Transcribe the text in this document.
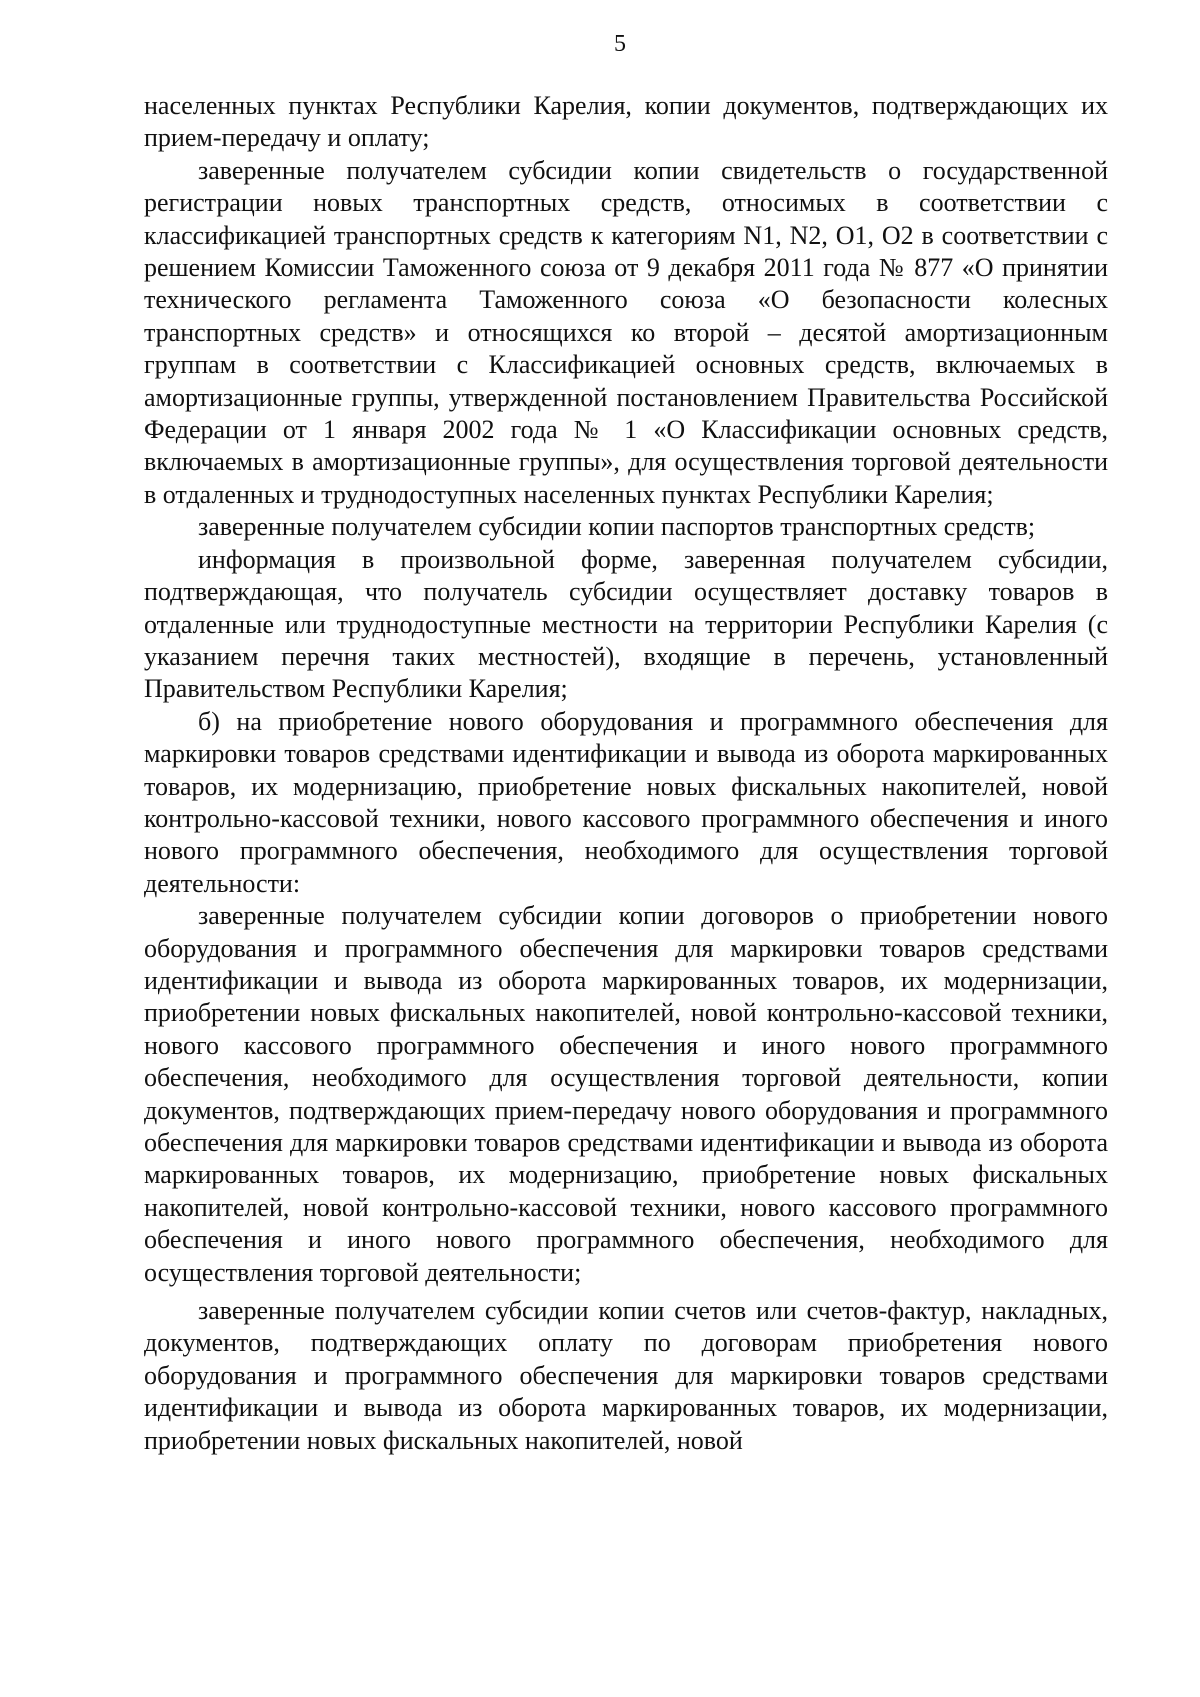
5

населенных пунктах Республики Карелия, копии документов, подтверждающих их прием-передачу и оплату;

заверенные получателем субсидии копии свидетельств о государственной регистрации новых транспортных средств, относимых в соответствии с классификацией транспортных средств к категориям N1, N2, O1, O2 в соответствии с решением Комиссии Таможенного союза от 9 декабря 2011 года № 877 «О принятии технического регламента Таможенного союза «О безопасности колесных транспортных средств» и относящихся ко второй – десятой амортизационным группам в соответствии с Классификацией основных средств, включаемых в амортизационные группы, утвержденной постановлением Правительства Российской Федерации от 1 января 2002 года № 1 «О Классификации основных средств, включаемых в амортизационные группы», для осуществления торговой деятельности в отдаленных и труднодоступных населенных пунктах Республики Карелия;

заверенные получателем субсидии копии паспортов транспортных средств;

информация в произвольной форме, заверенная получателем субсидии, подтверждающая, что получатель субсидии осуществляет доставку товаров в отдаленные или труднодоступные местности на территории Республики Карелия (с указанием перечня таких местностей), входящие в перечень, установленный Правительством Республики Карелия;

б) на приобретение нового оборудования и программного обеспечения для маркировки товаров средствами идентификации и вывода из оборота маркированных товаров, их модернизацию, приобретение новых фискальных накопителей, новой контрольно-кассовой техники, нового кассового программного обеспечения и иного нового программного обеспечения, необходимого для осуществления торговой деятельности:

заверенные получателем субсидии копии договоров о приобретении нового оборудования и программного обеспечения для маркировки товаров средствами идентификации и вывода из оборота маркированных товаров, их модернизации, приобретении новых фискальных накопителей, новой контрольно-кассовой техники, нового кассового программного обеспечения и иного нового программного обеспечения, необходимого для осуществления торговой деятельности, копии документов, подтверждающих прием-передачу нового оборудования и программного обеспечения для маркировки товаров средствами идентификации и вывода из оборота маркированных товаров, их модернизацию, приобретение новых фискальных накопителей, новой контрольно-кассовой техники, нового кассового программного обеспечения и иного нового программного обеспечения, необходимого для осуществления торговой деятельности;

заверенные получателем субсидии копии счетов или счетов-фактур, накладных, документов, подтверждающих оплату по договорам приобретения нового оборудования и программного обеспечения для маркировки товаров средствами идентификации и вывода из оборота маркированных товаров, их модернизации, приобретении новых фискальных накопителей, новой
